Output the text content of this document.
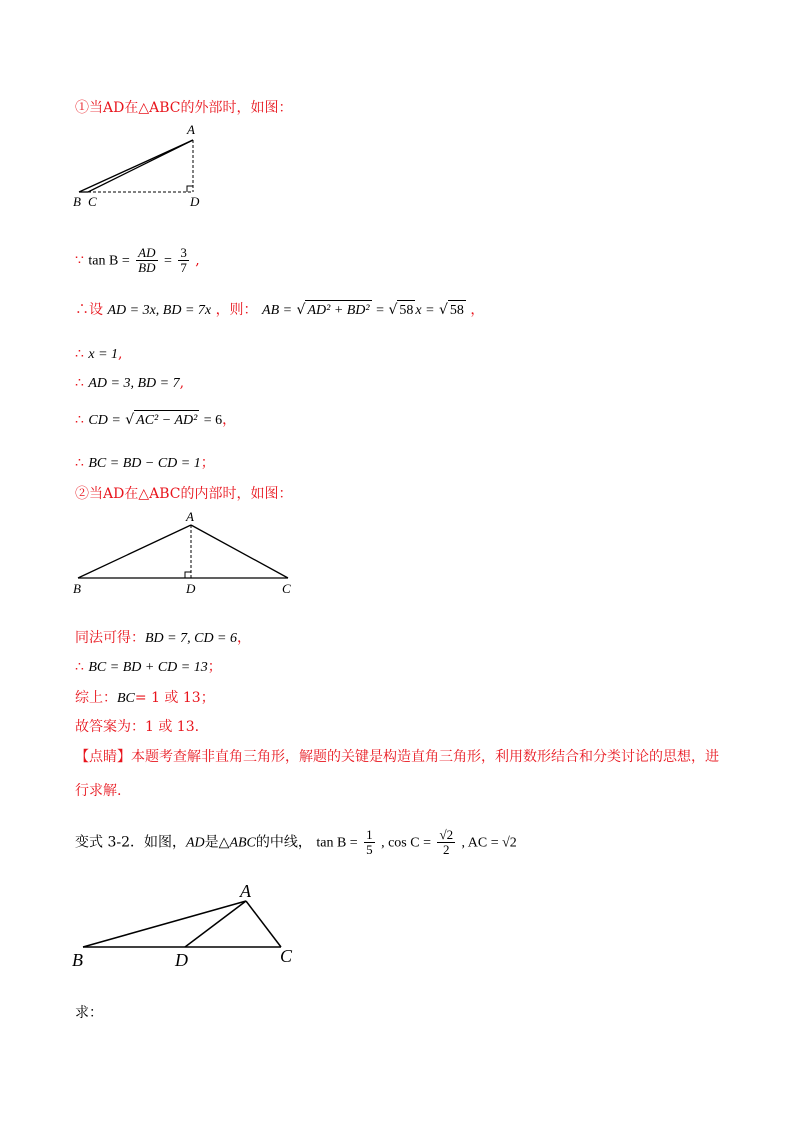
①当AD在△ABC的外部时，如图：
A
B C	D
∵ $\tan B = \frac{AD}{BD} = \frac{3}{7}$ ,
∴设 AD = 3x, BD = 7x ，则： AB = √ AD² + BD² = √ 58 x = √ 58 ，
∴ x = 1,
∴ AD = 3, BD = 7,
∴ CD = √ AC² − AD² = 6，
∴ BC = BD − CD = 1；
②当AD在△ABC的内部时，如图：
A
B	D	C
同法可得：BD = 7, CD = 6，
∴ BC = BD + CD = 13；
综上：BC= 1 或 13；
故答案为：1 或 13.
【点睛】本题考查解非直角三角形，解题的关键是构造直角三角形，利用数形结合和分类讨论的思想，进
行求解.
变式 3-2．如图，AD是△ABC的中线， $\tan B = \frac{1}{5}$ , $\cos C = \frac{√2}{2}$ , AC = √2
A
B	D	C
求：
